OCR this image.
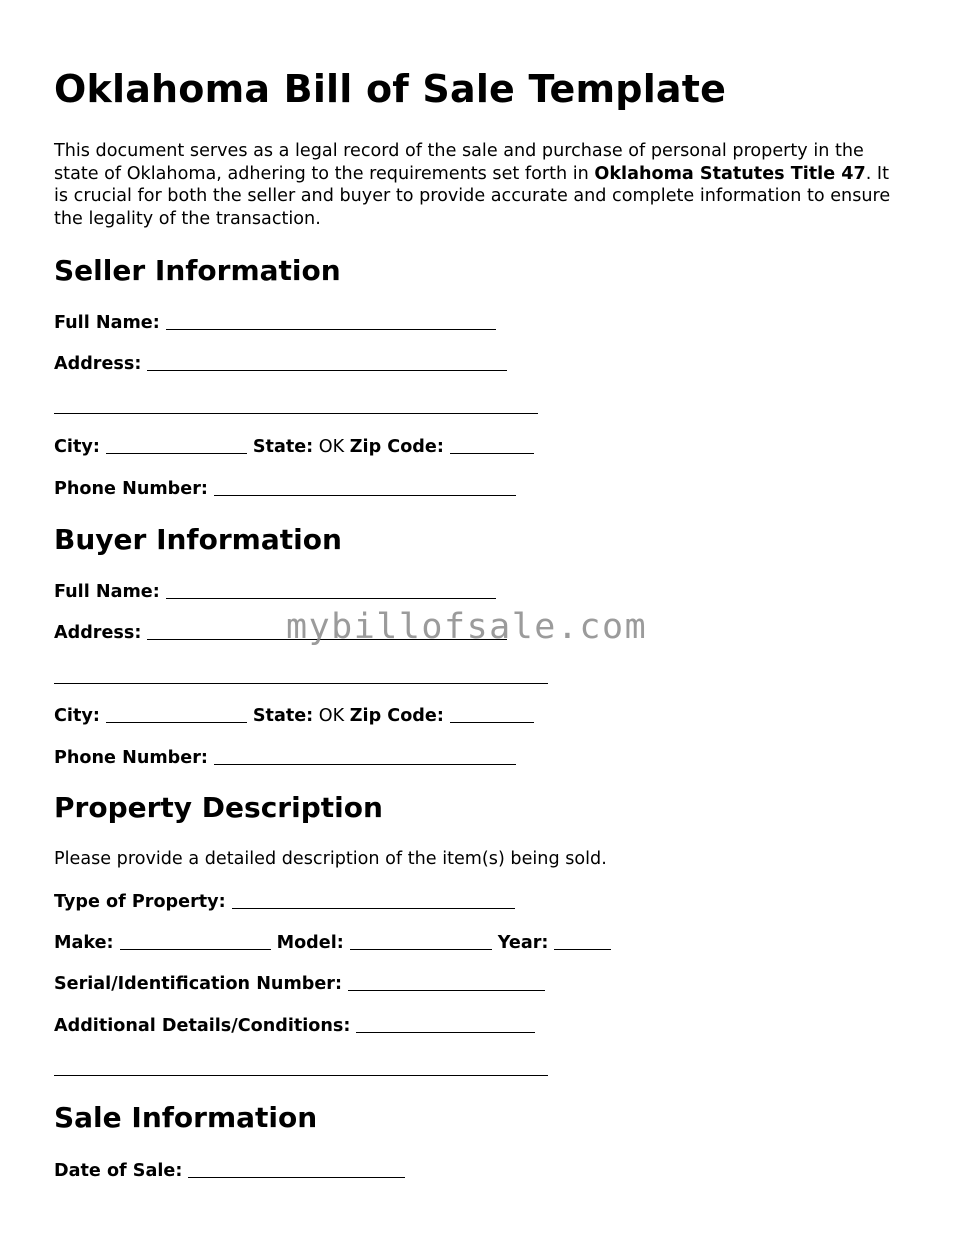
Oklahoma Bill of Sale Template

This document serves as a legal record of the sale and purchase of personal property in the state of Oklahoma, adhering to the requirements set forth in Oklahoma Statutes Title 47. It is crucial for both the seller and buyer to provide accurate and complete information to ensure the legality of the transaction.

Seller Information
Full Name:
Address:
City:	State:
OK
Zip Code:
Phone Number:
Buyer Information
Full Name:
Address:
City:	State:
OK
Zip Code:
Phone Number:
Property Description
Please provide a detailed description of the item(s) being sold.
Type of Property:
Make:	Model:	Year:
Serial/Identification Number:
Additional Details/Conditions:
Sale Information
Date of Sale:
mybillofsale.com
